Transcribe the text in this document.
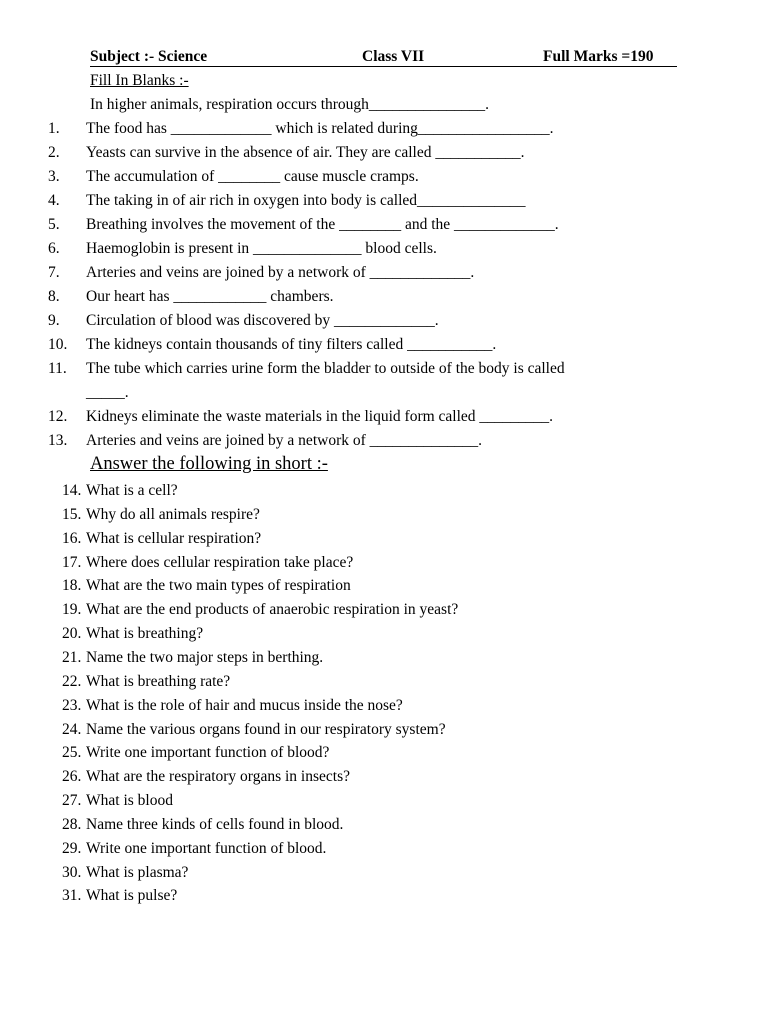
Subject :- Science	Class VII	Full Marks =190
Fill In Blanks :-
In higher animals, respiration occurs through_______________.
1. The food has _____________ which is related during_________________.
2. Yeasts can survive in the absence of air. They are called ___________.
3. The accumulation of ________ cause muscle cramps.
4. The taking in of air rich in oxygen into body is called______________
5. Breathing involves the movement of the ________ and the _____________.
6. Haemoglobin is present in ______________ blood cells.
7. Arteries and veins are joined by a network of _____________.
8. Our heart has ____________ chambers.
9. Circulation of blood was discovered by _____________.
10. The kidneys contain thousands of tiny filters called ___________.
11. The tube which carries urine form the bladder to outside of the body is called
_____.
12. Kidneys eliminate the waste materials in the liquid form called _________.
13. Arteries and veins are joined by a network of ______________.
Answer the following in short :-
14. What is a cell?
15. Why do all animals respire?
16. What is cellular respiration?
17. Where does cellular respiration take place?
18. What are the two main types of respiration
19. What are the end products of anaerobic respiration in yeast?
20. What is breathing?
21. Name the two major steps in berthing.
22. What is breathing rate?
23. What is the role of hair and mucus inside the nose?
24. Name the various organs found in our respiratory system?
25. Write one important function of blood?
26. What are the respiratory organs in insects?
27. What is blood
28. Name three kinds of cells found in blood.
29. Write one important function of blood.
30. What is plasma?
31. What is pulse?
